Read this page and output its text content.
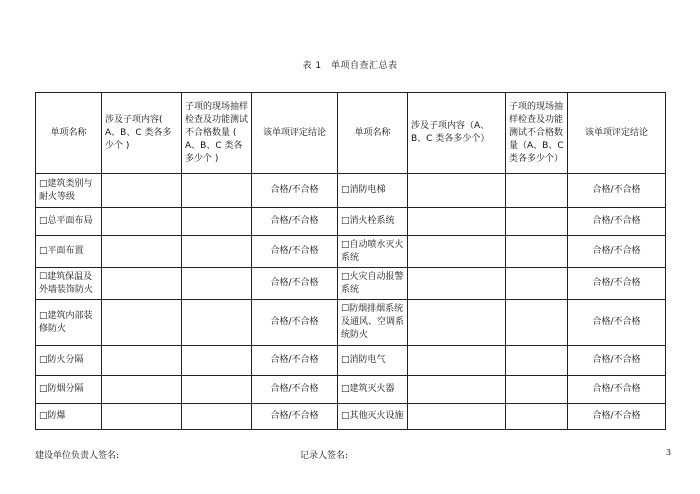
表 1　单项自查汇总表
单项名称	涉及子项内容( A、B、C 类各多少个 )	子项的现场抽样检查及功能测试不合格数量 ( A、B、C 类各多少个 )	该单项评定结论	单项名称	涉及子项内容（A、B、C 类各多少个）	子项的现场抽样检查及功能测试不合格数量（A、B、C 类各多少个）	该单项评定结论
□建筑类别与耐火等级			合格/不合格	□消防电梯			合格/不合格
□总平面布局			合格/不合格	□消火栓系统			合格/不合格
□平面布置			合格/不合格	□自动喷水灭火系统			合格/不合格
☐建筑保温及外墙装饰防火			合格/不合格	□火灾自动报警系统			合格/不合格
□建筑内部装修防火			合格/不合格	☐防烟排烟系统及通风、空调系统防火			合格/不合格
□防火分隔			合格/不合格	□消防电气			合格/不合格
□防烟分隔			合格/不合格	□建筑灭火器			合格/不合格
□防爆			合格/不合格	□其他灭火设施			合格/不合格
建设单位负责人签名:	记录人签名:	3
